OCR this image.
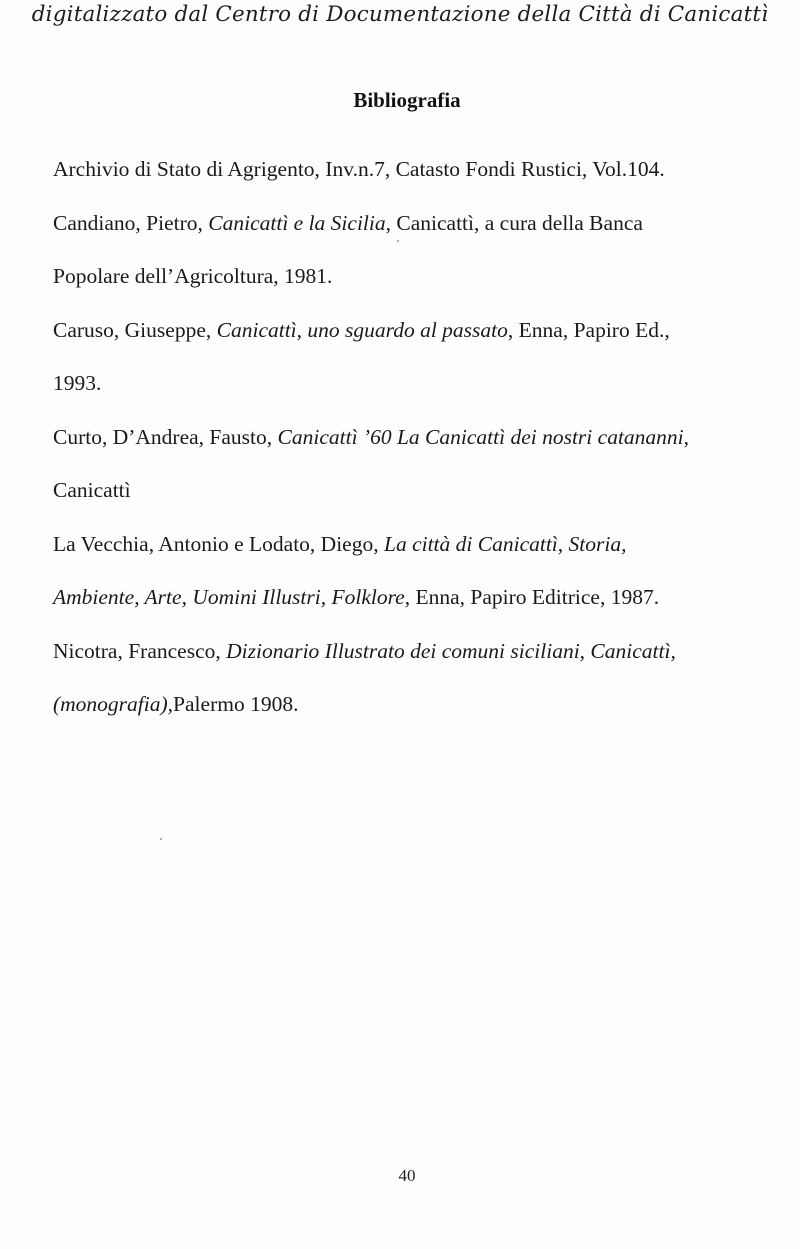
digitalizzato dal Centro di Documentazione della Città di Canicattì
Bibliografia
Archivio di Stato di Agrigento, Inv.n.7, Catasto Fondi Rustici, Vol.104.
Candiano, Pietro, Canicattì e la Sicilia, Canicattì, a cura della Banca
Popolare dell’Agricoltura, 1981.
Caruso, Giuseppe, Canicattì, uno sguardo al passato, Enna, Papiro Ed.,
1993.
Curto, D’Andrea, Fausto, Canicattì ’60 La Canicattì dei nostri catananni,
Canicattì
La Vecchia, Antonio e Lodato, Diego, La città di Canicattì, Storia,
Ambiente, Arte, Uomini Illustri, Folklore, Enna, Papiro Editrice, 1987.
Nicotra, Francesco, Dizionario Illustrato dei comuni siciliani, Canicattì,
(monografia),Palermo 1908.
40
